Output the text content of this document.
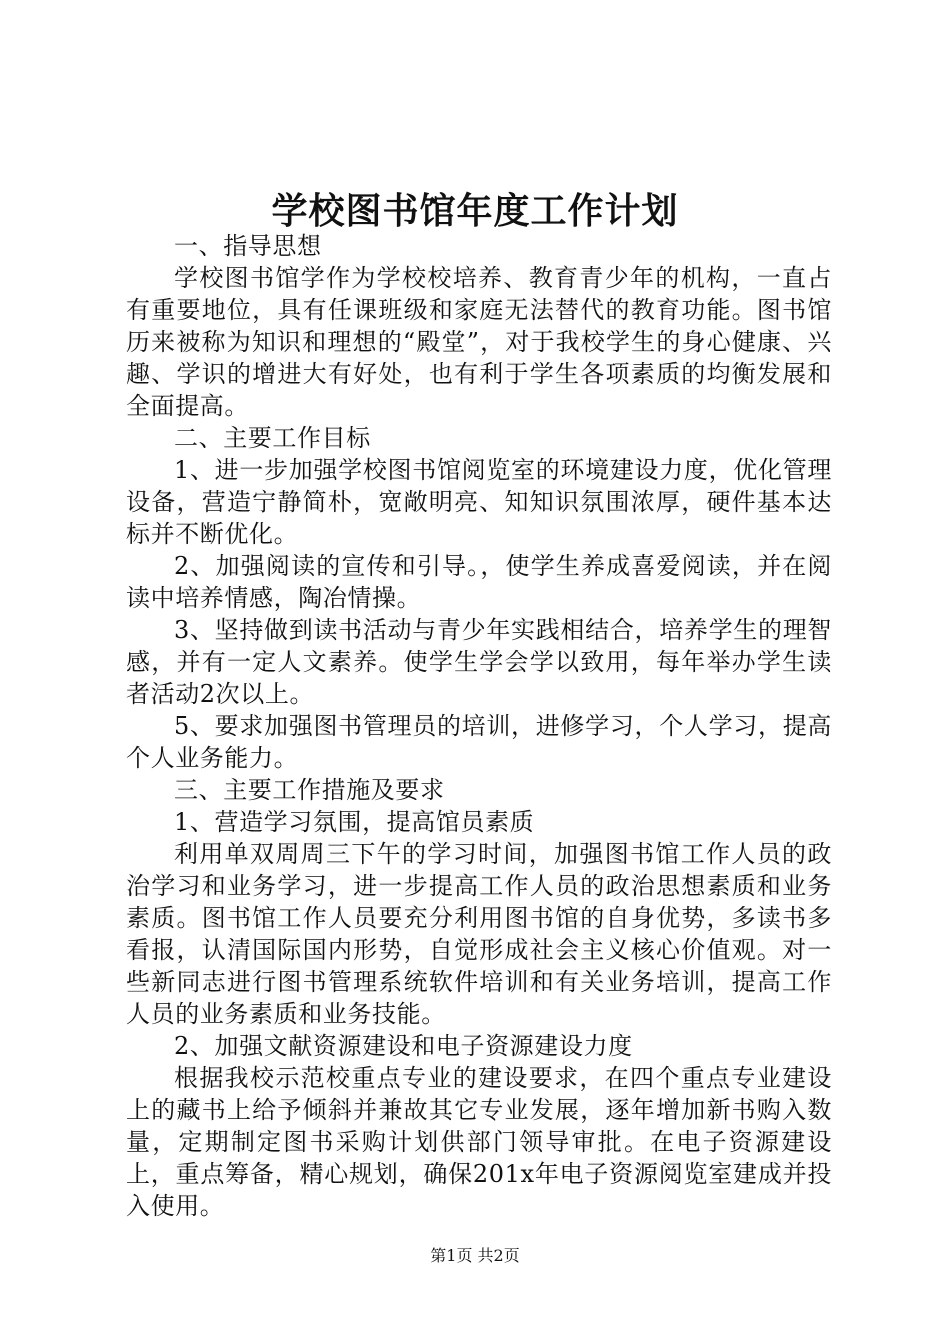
学校图书馆年度工作计划

一、指导思想

学校图书馆学作为学校校培养、教育青少年的机构，一直占有重要地位，具有任课班级和家庭无法替代的教育功能。图书馆历来被称为知识和理想的“殿堂”，对于我校学生的身心健康、兴趣、学识的增进大有好处，也有利于学生各项素质的均衡发展和全面提高。

二、主要工作目标

1、进一步加强学校图书馆阅览室的环境建设力度，优化管理设备，营造宁静简朴，宽敞明亮、知知识氛围浓厚，硬件基本达标并不断优化。

2、加强阅读的宣传和引导。，使学生养成喜爱阅读，并在阅读中培养情感，陶冶情操。

3、坚持做到读书活动与青少年实践相结合，培养学生的理智感，并有一定人文素养。使学生学会学以致用，每年举办学生读者活动2次以上。

5、要求加强图书管理员的培训，进修学习，个人学习，提高个人业务能力。

三、主要工作措施及要求

1、营造学习氛围，提高馆员素质

利用单双周周三下午的学习时间，加强图书馆工作人员的政治学习和业务学习，进一步提高工作人员的政治思想素质和业务素质。图书馆工作人员要充分利用图书馆的自身优势，多读书多看报，认清国际国内形势，自觉形成社会主义核心价值观。对一些新同志进行图书管理系统软件培训和有关业务培训，提高工作人员的业务素质和业务技能。

2、加强文献资源建设和电子资源建设力度

根据我校示范校重点专业的建设要求，在四个重点专业建设上的藏书上给予倾斜并兼故其它专业发展，逐年增加新书购入数量，定期制定图书采购计划供部门领导审批。在电子资源建设上，重点筹备，精心规划，确保201x年电子资源阅览室建成并投入使用。

第1页 共2页
